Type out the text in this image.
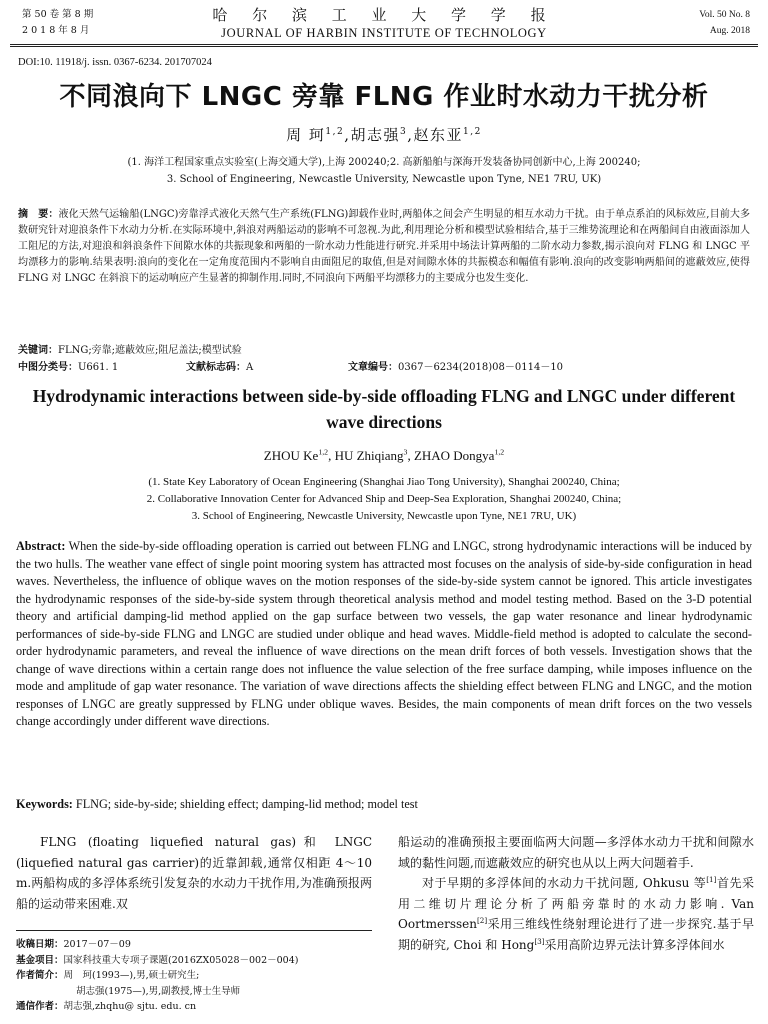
第 50 卷 第 8 期
2 0 1 8 年 8 月
哈 尔 滨 工 业 大 学 学 报
JOURNAL OF HARBIN INSTITUTE OF TECHNOLOGY
Vol. 50 No. 8
Aug. 2018
DOI:10. 11918/j. issn. 0367-6234. 201707024
不同浪向下 LNGC 旁靠 FLNG 作业时水动力干扰分析
周 珂$^{1,2}$,胡志强$^3$,赵东亚$^{1,2}$
(1. 海洋工程国家重点实验室(上海交通大学),上海 200240;2. 高新船舶与深海开发装备协同创新中心,上海 200240;
3. School of Engineering, Newcastle University, Newcastle upon Tyne, NE1 7RU, UK)
摘　要：液化天然气运输船(LNGC)旁靠浮式液化天然气生产系统(FLNG)卸载作业时,两船体之间会产生明显的相互水动力干扰。由于单点系泊的风标效应,目前大多数研究针对迎浪条件下水动力分析.在实际环境中,斜浪对两船运动的影响不可忽视.为此,利用理论分析和模型试验相结合,基于三维势流理论和在两船间自由液面添加人工阻尼的方法,对迎浪和斜浪条件下间隙水体的共振现象和两船的一阶水动力性能进行研究.并采用中场法计算两船的二阶水动力参数,揭示浪向对 FLNG 和 LNGC 平均漂移力的影响.结果表明:浪向的变化在一定角度范围内不影响自由面阻尼的取值,但是对间隙水体的共振模态和幅值有影响.浪向的改变影响两船间的遮蔽效应,使得 FLNG 对 LNGC 在斜浪下的运动响应产生显著的抑制作用.同时,不同浪向下两船平均漂移力的主要成分也发生变化.
关键词：FLNG;旁靠;遮蔽效应;阻尼盖法;模型试验
中图分类号：U661. 1	文献标志码：A	文章编号：0367－6234(2018)08－0114－10
Hydrodynamic interactions between side-by-side offloading FLNG and LNGC under different wave directions
ZHOU Ke$^{1,2}$, HU Zhiqiang$^3$, ZHAO Dongya$^{1,2}$
(1. State Key Laboratory of Ocean Engineering (Shanghai Jiao Tong University), Shanghai 200240, China;
2. Collaborative Innovation Center for Advanced Ship and Deep-Sea Exploration, Shanghai 200240, China;
3. School of Engineering, Newcastle University, Newcastle upon Tyne, NE1 7RU, UK)
Abstract: When the side-by-side offloading operation is carried out between FLNG and LNGC, strong hydrodynamic interactions will be induced by the two hulls. The weather vane effect of single point mooring system has attracted most focuses on the analysis of side-by-side configuration in head waves. Nevertheless, the influence of oblique waves on the motion responses of the side-by-side system cannot be ignored. This article investigates the hydrodynamic responses of the side-by-side system through theoretical analysis method and model testing method. Based on the 3-D potential theory and artificial damping-lid method applied on the gap surface between two vessels, the gap water resonance and linear hydrodynamic performances of side-by-side FLNG and LNGC are studied under oblique and head waves. Middle-field method is adopted to calculate the second-order hydrodynamic parameters, and reveal the influence of wave directions on the mean drift forces of both vessels. Investigation shows that the change of wave directions within a certain range does not influence the value selection of the free surface damping, while imposes influence on the mode and amplitude of gap water resonance. The variation of wave directions affects the shielding effect between FLNG and LNGC, and the motion responses of LNGC are greatly suppressed by FLNG under oblique waves. Besides, the main components of mean drift forces on the two vessels change accordingly under different wave directions.
Keywords: FLNG; side-by-side; shielding effect; damping-lid method; model test
FLNG (floating liquefied natural gas)和 LNGC (liquefied natural gas carrier)的近靠卸载,通常仅相距 4～10 m.两船构成的多浮体系统引发复杂的水动力干扰作用,为准确预报两船的运动带来困难.双
船运动的准确预报主要面临两大问题—多浮体水动力干扰和间隙水域的黏性问题,而遮蔽效应的研究也从以上两大问题着手.
对于早期的多浮体间的水动力干扰问题, Ohkusu 等[1]首先采用二维切片理论分析了两船旁靠时的水动力影响. Van Oortmerssen[2]采用三维线性绕射理论进行了进一步探究.基于早期的研究, Choi 和 Hong[3]采用高阶边界元法计算多浮体间水
收稿日期：2017－07－09
基金项目：国家科技重大专项子课题(2016ZX05028－002－004)
作者简介：周　珂(1993—),男,硕士研究生;
胡志强(1975—),男,副教授,博士生导师
通信作者：胡志强,zhqhu@ sjtu. edu. cn
